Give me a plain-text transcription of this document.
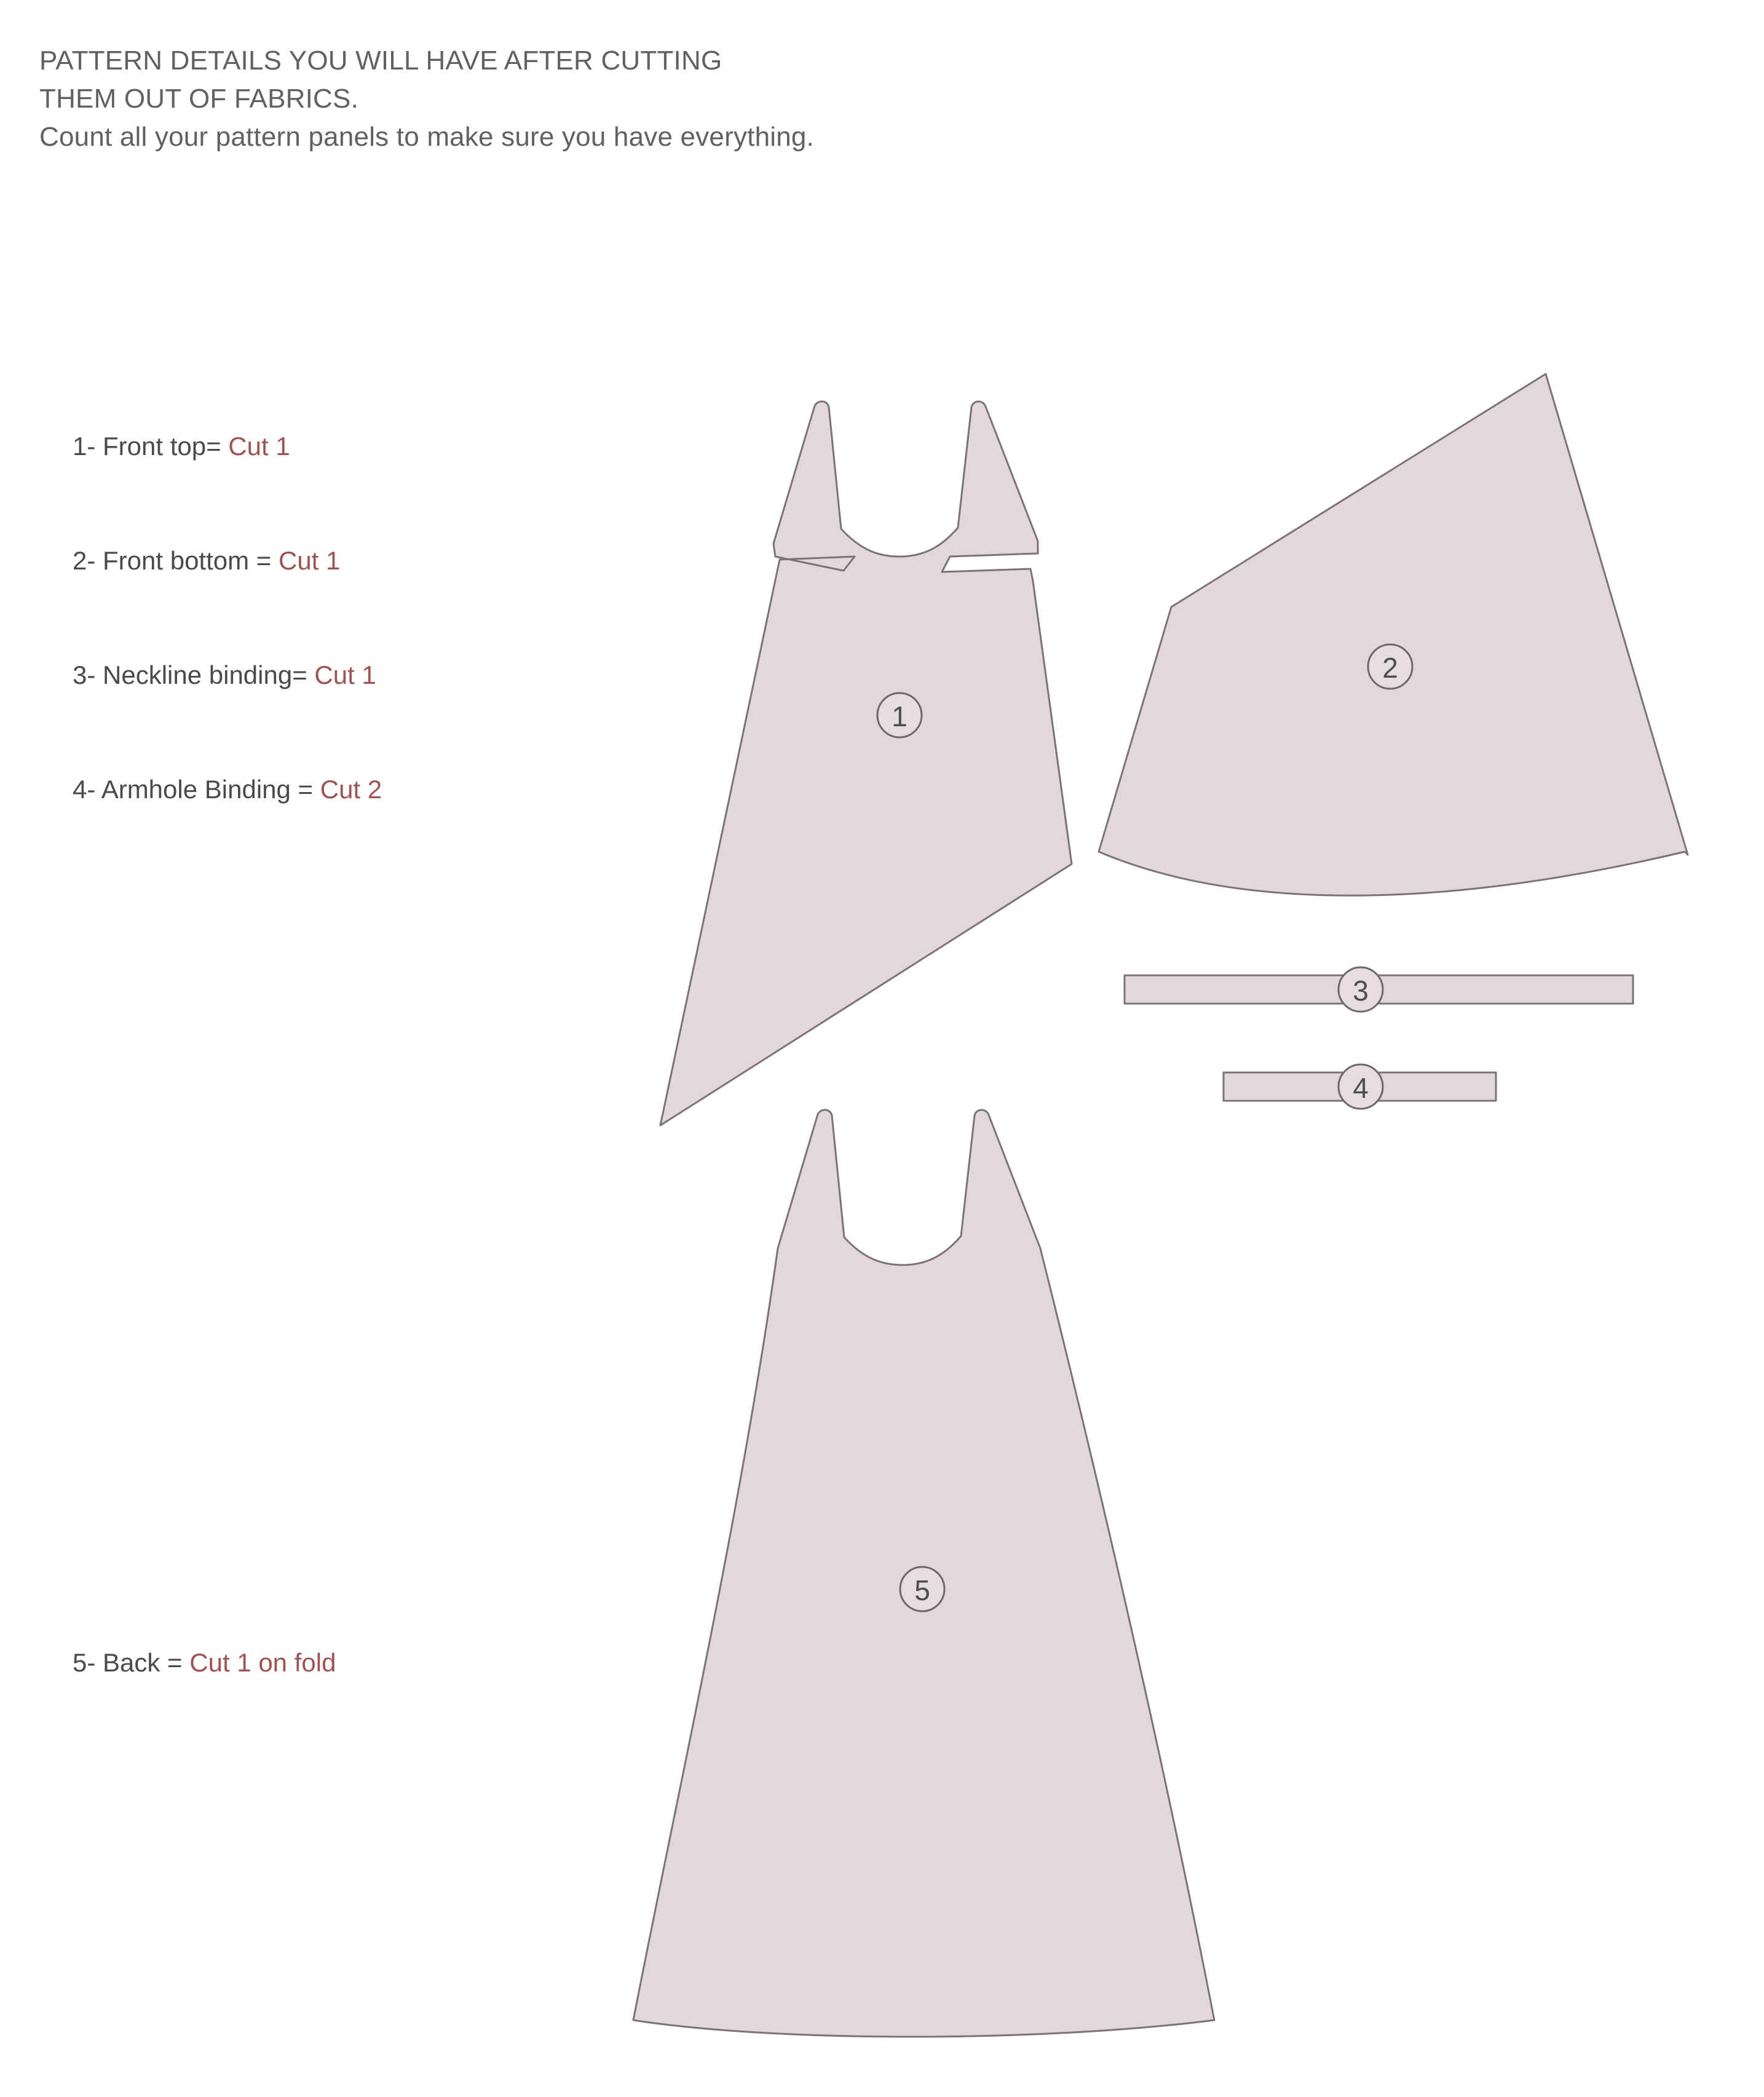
PATTERN DETAILS YOU WILL HAVE AFTER CUTTING
THEM OUT OF FABRICS.
Count all your pattern panels to make sure you have everything.
1- Front top= Cut 1
2- Front bottom = Cut 1
3- Neckline binding= Cut 1
4- Armhole Binding = Cut 2
5- Back = Cut 1 on fold
1
2
3
4
5
